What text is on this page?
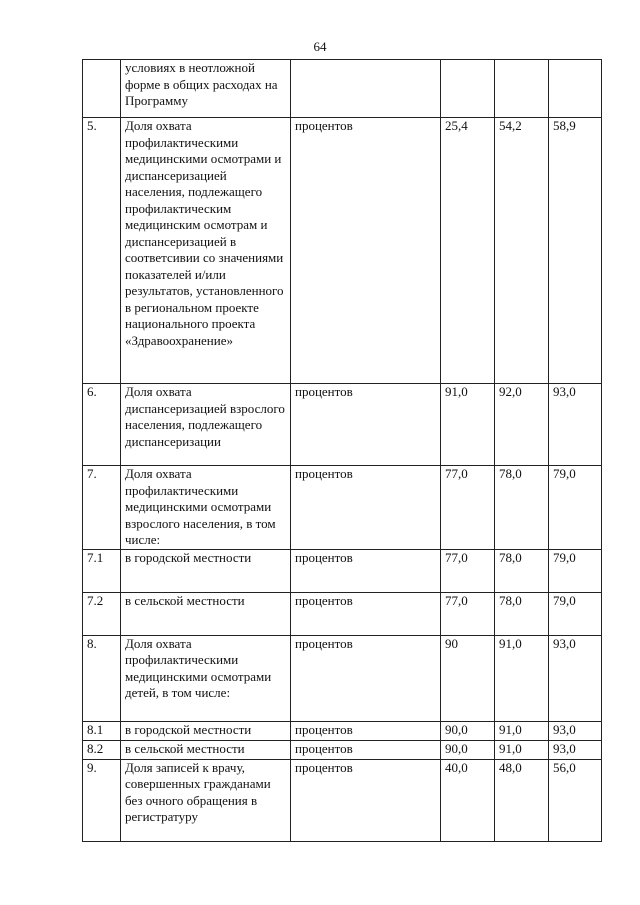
64
	условиях в неотложной форме в общих расходах на Программу				
5.	Доля охвата профилактическими медицинскими осмотрами и диспансеризацией населения, подлежащего профилактическим медицинским осмотрам и диспансеризацией в соответсивии со значениями показателей и/или результатов, установленного в региональном проекте национального проекта «Здравоохранение»	процентов	25,4	54,2	58,9
6.	Доля охвата диспансеризацией взрослого населения, подлежащего диспансеризации	процентов	91,0	92,0	93,0
7.	Доля охвата профилактическими медицинскими осмотрами взрослого населения, в том числе:	процентов	77,0	78,0	79,0
7.1	в городской местности	процентов	77,0	78,0	79,0
7.2	в сельской местности	процентов	77,0	78,0	79,0
8.	Доля охвата профилактическими медицинскими осмотрами детей, в том числе:	процентов	90	91,0	93,0
8.1	в городской местности	процентов	90,0	91,0	93,0
8.2	в сельской местности	процентов	90,0	91,0	93,0
9.	Доля записей к врачу, совершенных гражданами без очного обращения в регистратуру	процентов	40,0	48,0	56,0
